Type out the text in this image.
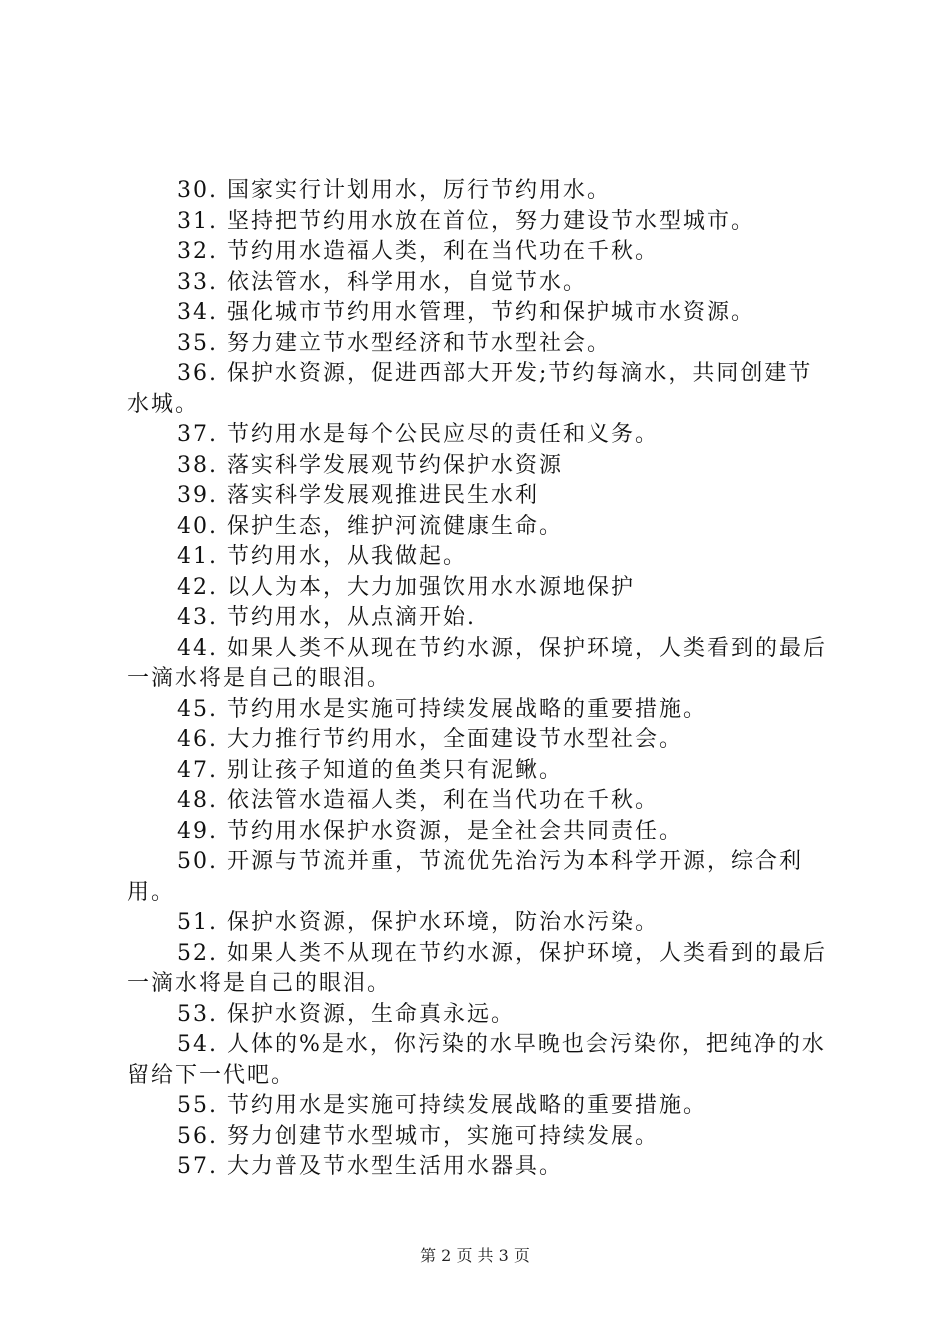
30. 国家实行计划用水，厉行节约用水。

31. 坚持把节约用水放在首位，努力建设节水型城市。

32. 节约用水造福人类，利在当代功在千秋。

33. 依法管水，科学用水，自觉节水。

34. 强化城市节约用水管理，节约和保护城市水资源。

35. 努力建立节水型经济和节水型社会。

36. 保护水资源，促进西部大开发;节约每滴水，共同创建节水城。

37. 节约用水是每个公民应尽的责任和义务。

38. 落实科学发展观节约保护水资源

39. 落实科学发展观推进民生水利

40. 保护生态，维护河流健康生命。

41. 节约用水，从我做起。

42. 以人为本，大力加强饮用水水源地保护

43. 节约用水，从点滴开始.

44. 如果人类不从现在节约水源，保护环境，人类看到的最后一滴水将是自己的眼泪。

45. 节约用水是实施可持续发展战略的重要措施。

46. 大力推行节约用水，全面建设节水型社会。

47. 别让孩子知道的鱼类只有泥鳅。

48. 依法管水造福人类，利在当代功在千秋。

49. 节约用水保护水资源，是全社会共同责任。

50. 开源与节流并重，节流优先治污为本科学开源，综合利用。

51. 保护水资源，保护水环境，防治水污染。

52. 如果人类不从现在节约水源，保护环境，人类看到的最后一滴水将是自己的眼泪。

53. 保护水资源，生命真永远。

54. 人体的%是水，你污染的水早晚也会污染你，把纯净的水留给下一代吧。

55. 节约用水是实施可持续发展战略的重要措施。

56. 努力创建节水型城市，实施可持续发展。

57. 大力普及节水型生活用水器具。

第 2 页 共 3 页
